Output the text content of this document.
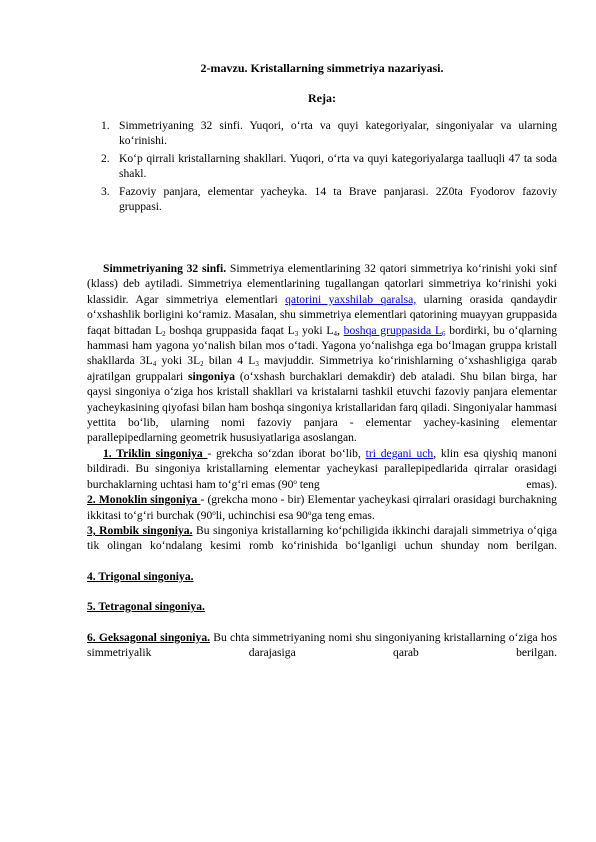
2-mavzu. Kristallarning simmetriya nazariyasi.
Reja:
1. Simmetriyaning 32 sinfi. Yuqori, o‘rta va quyi kategoriyalar, singoniyalar va ularning ko‘rinishi.
2. Ko‘p qirrali kristallarning shakllari. Yuqori, o‘rta va quyi kategoriyalarga taalluqli 47 ta soda shakl.
3. Fazoviy panjara, elementar yacheyka. 14 ta Brave panjarasi. 2Z0ta Fyodorov fazoviy gruppasi.

Simmetriyaning 32 sinfi. Simmetriya elementlarining 32 qatori simmetriya ko‘rinishi yoki sinf (klass) deb aytiladi. Simmetriya elementlarining tugallangan qatorlari simmetriya ko‘rinishi yoki klassidir. Agar simmetriya elementlari qatorini yaxshilab qaralsa, ularning orasida qandaydir o‘xshashlik borligini ko‘ramiz. Masalan, shu simmetriya elementlari qatorining muayyan gruppasida faqat bittadan $L_2$ boshqa gruppasida faqat $L_3$ yoki $L_4$, boshqa gruppasida $L_6$ bordirki, bu o‘qlarning hammasi ham yagona yo‘nalish bilan mos o‘tadi. Yagona yo‘nalishga ega bo‘lmagan gruppa kristall shakllarda $3L_4$ yoki $3L_2$ bilan 4 $L_3$ mavjuddir. Simmetriya ko‘rinishlarning o‘xshashligiga qarab ajratilgan gruppalari singoniya (o‘xshash burchaklari demakdir) deb ataladi. Shu bilan birga, har qaysi singoniya o‘ziga hos kristall shakllari va kristalarni tashkil etuvchi fazoviy panjara elementar yacheykasining qiyofasi bilan ham boshqa singoniya kristallaridan farq qiladi. Singoniyalar hammasi yettita bo‘lib, ularning nomi fazoviy panjara - elementar yachey-kasining elementar parallepipedlarning geometrik hususiyatlariga asoslangan.

1. Triklin singoniya - grekcha so‘zdan iborat bo‘lib, tri degani uch, klin esa qiyshiq manoni bildiradi. Bu singoniya kristallarning elementar yacheykasi parallepipedlarida qirralar orasidagi burchaklarning uchtasi ham to‘g‘ri emas (90$^o$ teng	emas).

2. Monoklin singoniya - (grekcha mono - bir) Elementar yacheykasi qirralari orasidagi burchakning ikkitasi to‘g‘ri burchak (90$^o$li, uchinchisi esa 90$^o$ga teng emas.

3, Rombik singoniya. Bu singoniya kristallarning ko‘pchiligida ikkinchi darajali simmetriya o‘qiga tik olingan ko‘ndalang kesimi romb ko‘rinishida bo‘lganligi uchun shunday nom berilgan.

4. Trigonal singoniya.

5. Tetragonal singoniya.

6. Geksagonal singoniya. Bu chta simmetriyaning nomi shu singoniyaning kristallarning o‘ziga hos simmetriyalik darajasiga qarab berilgan.
